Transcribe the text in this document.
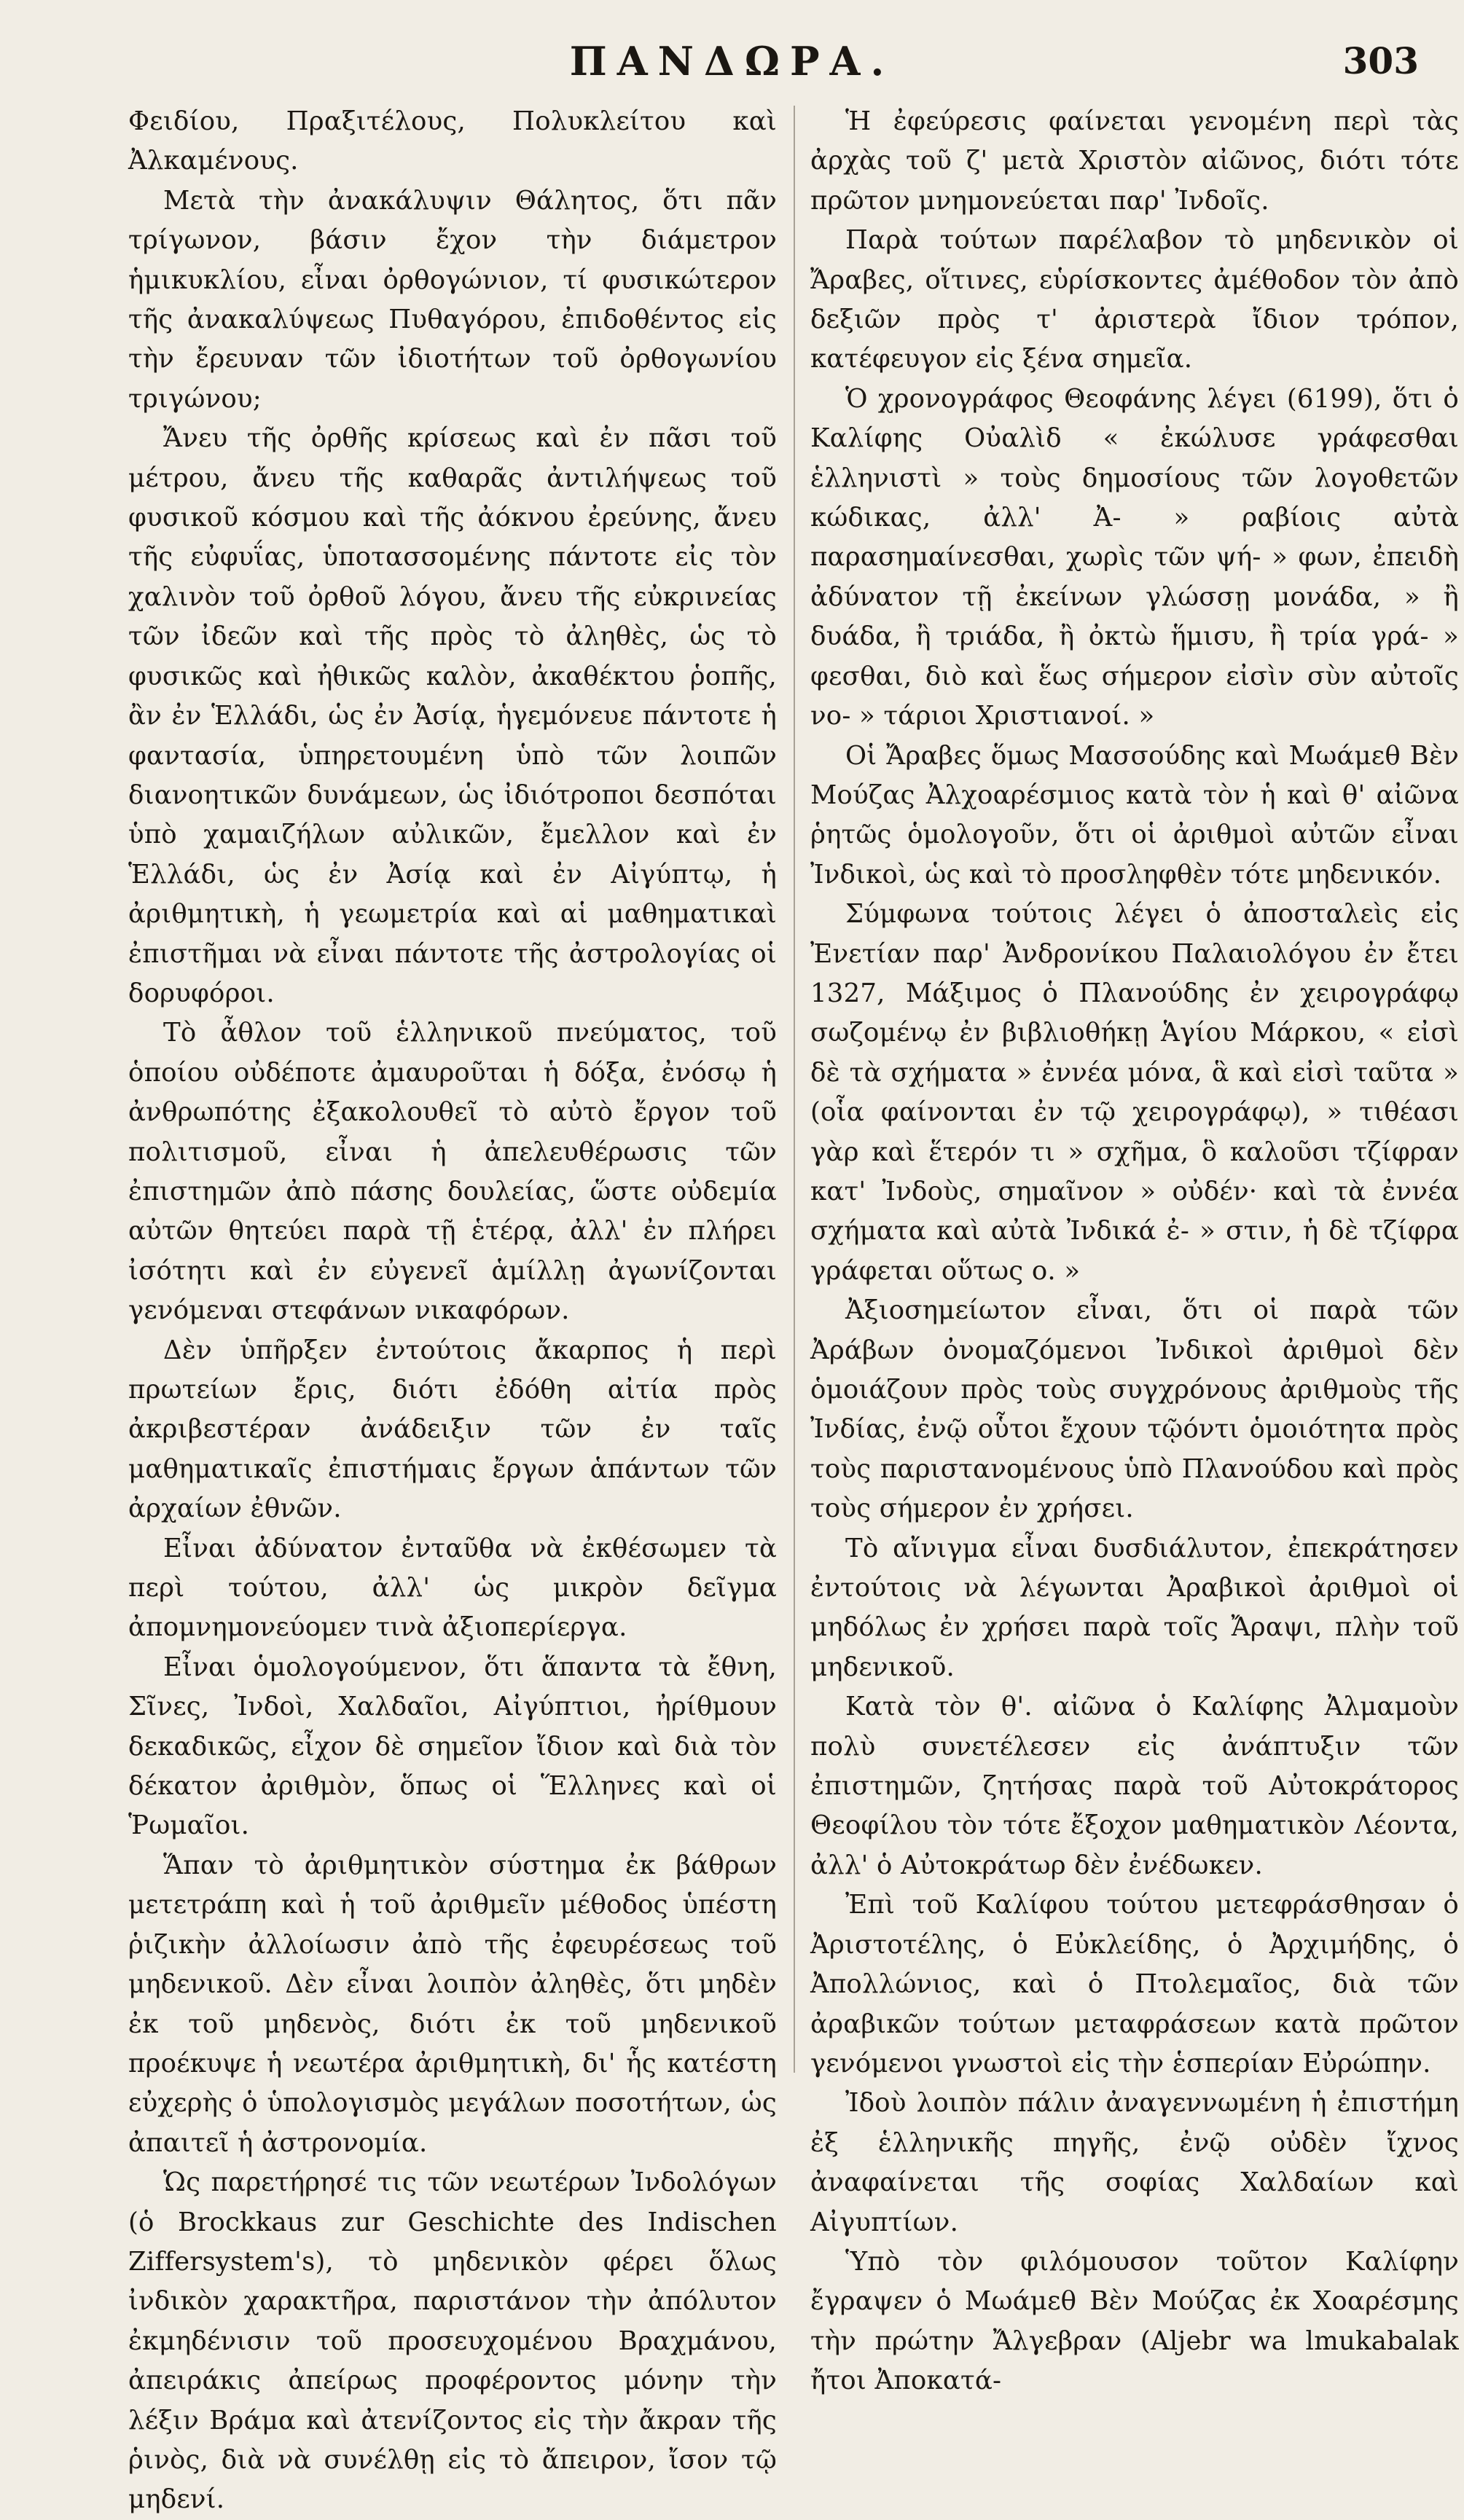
ΠΑΝΔΩΡΑ.	303

Φειδίου, Πραξιτέλους, Πολυκλείτου καὶ Ἀλκαμένους.

Μετὰ τὴν ἀνακάλυψιν Θάλητος, ὅτι πᾶν τρίγωνον, βάσιν ἔχον τὴν διάμετρον ἡμικυκλίου, εἶναι ὀρθογώνιον, τί φυσικώτερον τῆς ἀνακαλύψεως Πυθαγόρου, ἐπιδοθέντος εἰς τὴν ἔρευναν τῶν ἰδιοτήτων τοῦ ὀρθογωνίου τριγώνου;

Ἄνευ τῆς ὀρθῆς κρίσεως καὶ ἐν πᾶσι τοῦ μέτρου, ἄνευ τῆς καθαρᾶς ἀντιλήψεως τοῦ φυσικοῦ κόσμου καὶ τῆς ἀόκνου ἐρεύνης, ἄνευ τῆς εὐφυΐας, ὑποτασσομένης πάντοτε εἰς τὸν χαλινὸν τοῦ ὀρθοῦ λόγου, ἄνευ τῆς εὐκρινείας τῶν ἰδεῶν καὶ τῆς πρὸς τὸ ἀληθὲς, ὡς τὸ φυσικῶς καὶ ἠθικῶς καλὸν, ἀκαθέκτου ῥοπῆς, ἂν ἐν Ἑλλάδι, ὡς ἐν Ἀσίᾳ, ἡγεμόνευε πάντοτε ἡ φαντασία, ὑπηρετουμένη ὑπὸ τῶν λοιπῶν διανοητικῶν δυνάμεων, ὡς ἰδιότροποι δεσπόται ὑπὸ χαμαιζήλων αὐλικῶν, ἔμελλον καὶ ἐν Ἑλλάδι, ὡς ἐν Ἀσίᾳ καὶ ἐν Αἰγύπτῳ, ἡ ἀριθμητικὴ, ἡ γεωμετρία καὶ αἱ μαθηματικαὶ ἐπιστῆμαι νὰ εἶναι πάντοτε τῆς ἀστρολογίας οἱ δορυφόροι.

Τὸ ἆθλον τοῦ ἑλληνικοῦ πνεύματος, τοῦ ὁποίου οὐδέποτε ἀμαυροῦται ἡ δόξα, ἐνόσῳ ἡ ἀνθρωπότης ἐξακολουθεῖ τὸ αὐτὸ ἔργον τοῦ πολιτισμοῦ, εἶναι ἡ ἀπελευθέρωσις τῶν ἐπιστημῶν ἀπὸ πάσης δουλείας, ὥστε οὐδεμία αὐτῶν θητεύει παρὰ τῇ ἑτέρᾳ, ἀλλ' ἐν πλήρει ἰσότητι καὶ ἐν εὐγενεῖ ἁμίλλῃ ἀγωνίζονται γενόμεναι στεφάνων νικαφόρων.

Δὲν ὑπῆρξεν ἐντούτοις ἄκαρπος ἡ περὶ πρωτείων ἔρις, διότι ἐδόθη αἰτία πρὸς ἀκριβεστέραν ἀνάδειξιν τῶν ἐν ταῖς μαθηματικαῖς ἐπιστήμαις ἔργων ἁπάντων τῶν ἀρχαίων ἐθνῶν.

Εἶναι ἀδύνατον ἐνταῦθα νὰ ἐκθέσωμεν τὰ περὶ τούτου, ἀλλ' ὡς μικρὸν δεῖγμα ἀπομνημονεύομεν τινὰ ἀξιοπερίεργα.

Εἶναι ὁμολογούμενον, ὅτι ἅπαντα τὰ ἔθνη, Σῖνες, Ἰνδοὶ, Χαλδαῖοι, Αἰγύπτιοι, ἠρίθμουν δεκαδικῶς, εἶχον δὲ σημεῖον ἴδιον καὶ διὰ τὸν δέκατον ἀριθμὸν, ὅπως οἱ Ἕλληνες καὶ οἱ Ῥωμαῖοι.

Ἅπαν τὸ ἀριθμητικὸν σύστημα ἐκ βάθρων μετετράπη καὶ ἡ τοῦ ἀριθμεῖν μέθοδος ὑπέστη ῥιζικὴν ἀλλοίωσιν ἀπὸ τῆς ἐφευρέσεως τοῦ μηδενικοῦ. Δὲν εἶναι λοιπὸν ἀληθὲς, ὅτι μηδὲν ἐκ τοῦ μηδενὸς, διότι ἐκ τοῦ μηδενικοῦ προέκυψε ἡ νεωτέρα ἀριθμητικὴ, δι' ἧς κατέστη εὐχερὴς ὁ ὑπολογισμὸς μεγάλων ποσοτήτων, ὡς ἀπαιτεῖ ἡ ἀστρονομία.

Ὡς παρετήρησέ τις τῶν νεωτέρων Ἰνδολόγων (ὁ Brockkaus zur Geschichte des Indischen Ziffersystem's), τὸ μηδενικὸν φέρει ὅλως ἰνδικὸν χαρακτῆρα, παριστάνον τὴν ἀπόλυτον ἐκμηδένισιν τοῦ προσευχομένου Βραχμάνου, ἀπειράκις ἀπείρως προφέροντος μόνην τὴν λέξιν Βράμα καὶ ἀτενίζοντος εἰς τὴν ἄκραν τῆς ῥινὸς, διὰ νὰ συνέλθῃ εἰς τὸ ἄπειρον, ἴσον τῷ μηδενί.

Ἡ ἐφεύρεσις φαίνεται γενομένη περὶ τὰς ἀρχὰς τοῦ ζ' μετὰ Χριστὸν αἰῶνος, διότι τότε πρῶτον μνημονεύεται παρ' Ἰνδοῖς.

Παρὰ τούτων παρέλαβον τὸ μηδενικὸν οἱ Ἄραβες, οἵτινες, εὑρίσκοντες ἀμέθοδον τὸν ἀπὸ δεξιῶν πρὸς τ' ἀριστερὰ ἴδιον τρόπον, κατέφευγον εἰς ξένα σημεῖα.

Ὁ χρονογράφος Θεοφάνης λέγει (6199), ὅτι ὁ Καλίφης Οὐαλὶδ « ἐκώλυσε γράφεσθαι ἑλληνιστὶ » τοὺς δημοσίους τῶν λογοθετῶν κώδικας, ἀλλ' Ἀ- » ραβίοις αὐτὰ παρασημαίνεσθαι, χωρὶς τῶν ψή- » φων, ἐπειδὴ ἀδύνατον τῇ ἐκείνων γλώσσῃ μονάδα, » ἢ δυάδα, ἢ τριάδα, ἢ ὀκτὼ ἥμισυ, ἢ τρία γρά- » φεσθαι, διὸ καὶ ἕως σήμερον εἰσὶν σὺν αὐτοῖς νο- » τάριοι Χριστιανοί. »

Οἱ Ἄραβες ὅμως Μασσούδης καὶ Μωάμεθ Βὲν Μούζας Ἀλχοαρέσμιος κατὰ τὸν ἡ καὶ θ' αἰῶνα ῥητῶς ὁμολογοῦν, ὅτι οἱ ἀριθμοὶ αὐτῶν εἶναι Ἰνδικοὶ, ὡς καὶ τὸ προσληφθὲν τότε μηδενικόν.

Σύμφωνα τούτοις λέγει ὁ ἀποσταλεὶς εἰς Ἐνετίαν παρ' Ἀνδρονίκου Παλαιολόγου ἐν ἔτει 1327, Μάξιμος ὁ Πλανούδης ἐν χειρογράφῳ σωζομένῳ ἐν βιβλιοθήκῃ Ἁγίου Μάρκου, « εἰσὶ δὲ τὰ σχήματα » ἐννέα μόνα, ἃ καὶ εἰσὶ ταῦτα » (οἷα φαίνονται ἐν τῷ χειρογράφῳ), » τιθέασι γὰρ καὶ ἕτερόν τι » σχῆμα, ὃ καλοῦσι τζίφραν κατ' Ἰνδοὺς, σημαῖνον » οὐδέν· καὶ τὰ ἐννέα σχήματα καὶ αὐτὰ Ἰνδικά ἐ- » στιν, ἡ δὲ τζίφρα γράφεται οὕτως ο. »

Ἀξιοσημείωτον εἶναι, ὅτι οἱ παρὰ τῶν Ἀράβων ὀνομαζόμενοι Ἰνδικοὶ ἀριθμοὶ δὲν ὁμοιάζουν πρὸς τοὺς συγχρόνους ἀριθμοὺς τῆς Ἰνδίας, ἐνῷ οὗτοι ἔχουν τῷόντι ὁμοιότητα πρὸς τοὺς παριστανομένους ὑπὸ Πλανούδου καὶ πρὸς τοὺς σήμερον ἐν χρήσει.

Τὸ αἴνιγμα εἶναι δυσδιάλυτον, ἐπεκράτησεν ἐντούτοις νὰ λέγωνται Ἀραβικοὶ ἀριθμοὶ οἱ μηδόλως ἐν χρήσει παρὰ τοῖς Ἄραψι, πλὴν τοῦ μηδενικοῦ.

Κατὰ τὸν θ'. αἰῶνα ὁ Καλίφης Ἀλμαμοὺν πολὺ συνετέλεσεν εἰς ἀνάπτυξιν τῶν ἐπιστημῶν, ζητήσας παρὰ τοῦ Αὐτοκράτορος Θεοφίλου τὸν τότε ἔξοχον μαθηματικὸν Λέοντα, ἀλλ' ὁ Αὐτοκράτωρ δὲν ἐνέδωκεν.

Ἐπὶ τοῦ Καλίφου τούτου μετεφράσθησαν ὁ Ἀριστοτέλης, ὁ Εὐκλείδης, ὁ Ἀρχιμήδης, ὁ Ἀπολλώνιος, καὶ ὁ Πτολεμαῖος, διὰ τῶν ἀραβικῶν τούτων μεταφράσεων κατὰ πρῶτον γενόμενοι γνωστοὶ εἰς τὴν ἑσπερίαν Εὐρώπην.

Ἰδοὺ λοιπὸν πάλιν ἀναγεννωμένη ἡ ἐπιστήμη ἐξ ἑλληνικῆς πηγῆς, ἐνῷ οὐδὲν ἴχνος ἀναφαίνεται τῆς σοφίας Χαλδαίων καὶ Αἰγυπτίων.

Ὑπὸ τὸν φιλόμουσον τοῦτον Καλίφην ἔγραψεν ὁ Μωάμεθ Βὲν Μούζας ἐκ Χοαρέσμης τὴν πρώτην Ἄλγεβραν (Aljebr wa lmukabalak ἤτοι Ἀποκατά-
